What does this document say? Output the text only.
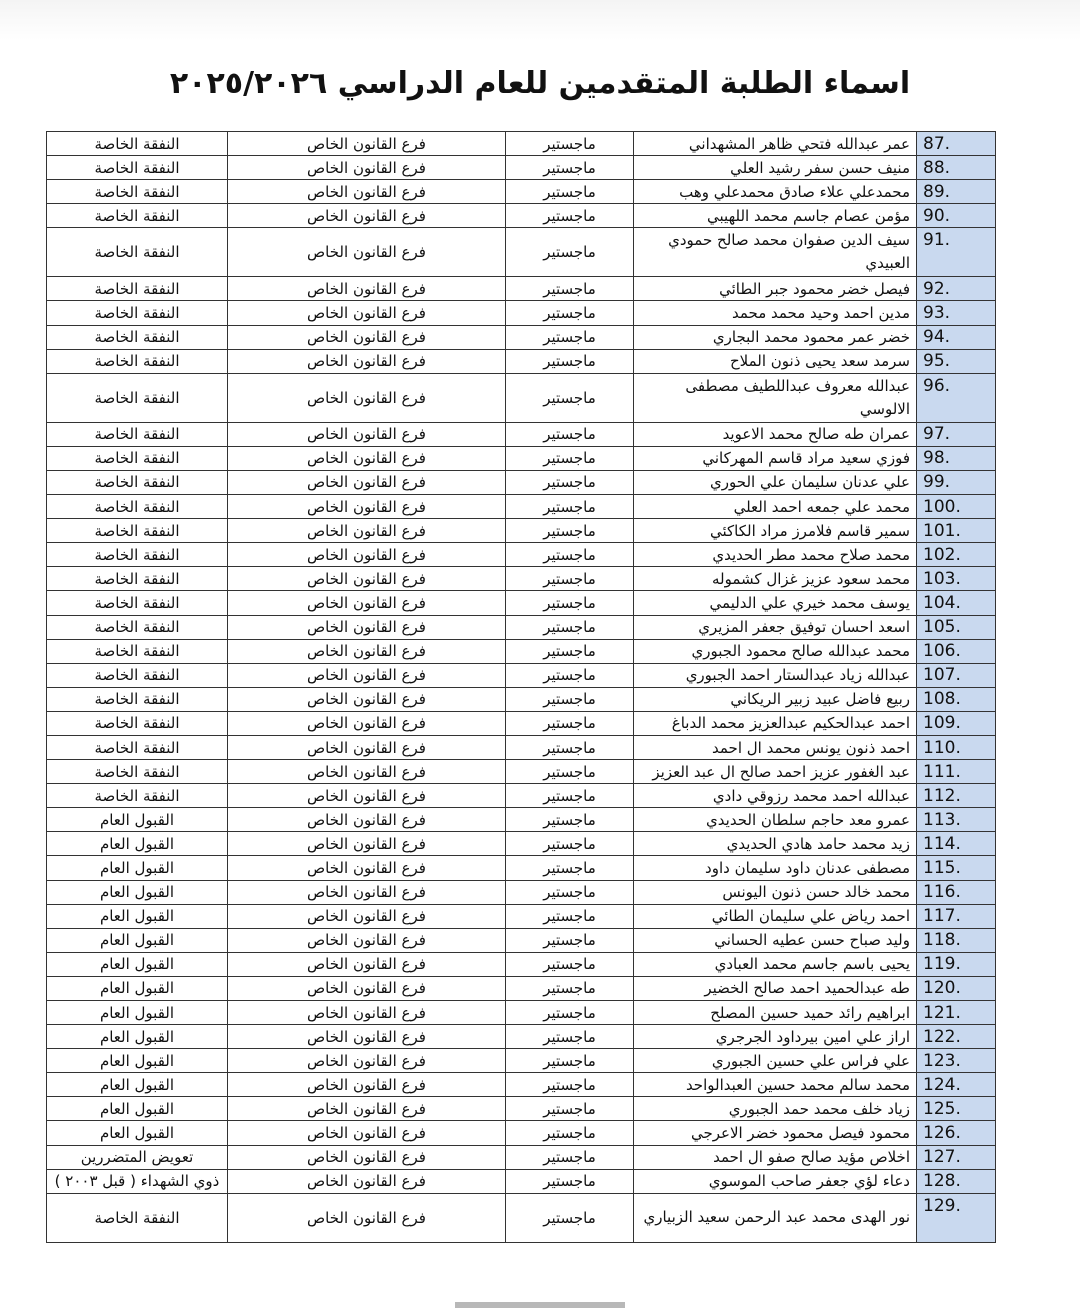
اسماء الطلبة المتقدمين للعام الدراسي ٢٠٢٥/٢٠٢٦
87.	عمر عبدالله فتحي ظاهر المشهداني	ماجستير	فرع القانون الخاص	النفقة الخاصة
88.	منيف حسن سفر رشيد العلي	ماجستير	فرع القانون الخاص	النفقة الخاصة
89.	محمدعلي علاء صادق محمدعلي وهب	ماجستير	فرع القانون الخاص	النفقة الخاصة
90.	مؤمن عصام جاسم محمد اللهيبي	ماجستير	فرع القانون الخاص	النفقة الخاصة
91.	سيف الدين صفوان محمد صالح حمودي العبيدي	ماجستير	فرع القانون الخاص	النفقة الخاصة
92.	فيصل خضر محمود جبر الطائي	ماجستير	فرع القانون الخاص	النفقة الخاصة
93.	مدين احمد وحيد محمد محمد	ماجستير	فرع القانون الخاص	النفقة الخاصة
94.	خضر عمر محمود محمد البجاري	ماجستير	فرع القانون الخاص	النفقة الخاصة
95.	سرمد سعد يحيى ذنون الملاح	ماجستير	فرع القانون الخاص	النفقة الخاصة
96.	عبدالله معروف عبداللطيف مصطفى الالوسي	ماجستير	فرع القانون الخاص	النفقة الخاصة
97.	عمران طه صالح محمد الاعويد	ماجستير	فرع القانون الخاص	النفقة الخاصة
98.	فوزي سعيد مراد قاسم المهركاني	ماجستير	فرع القانون الخاص	النفقة الخاصة
99.	علي عدنان سليمان علي الحوري	ماجستير	فرع القانون الخاص	النفقة الخاصة
100.	محمد علي جمعه احمد العلي	ماجستير	فرع القانون الخاص	النفقة الخاصة
101.	سمير قاسم فلامرز مراد الكاكئي	ماجستير	فرع القانون الخاص	النفقة الخاصة
102.	محمد صلاح محمد مطر الحديدي	ماجستير	فرع القانون الخاص	النفقة الخاصة
103.	محمد سعود عزيز غزال كشموله	ماجستير	فرع القانون الخاص	النفقة الخاصة
104.	يوسف محمد خيري علي الدليمي	ماجستير	فرع القانون الخاص	النفقة الخاصة
105.	اسعد احسان توفيق جعفر المزيري	ماجستير	فرع القانون الخاص	النفقة الخاصة
106.	محمد عبدالله صالح محمود الجبوري	ماجستير	فرع القانون الخاص	النفقة الخاصة
107.	عبدالله زياد عبدالستار احمد الجبوري	ماجستير	فرع القانون الخاص	النفقة الخاصة
108.	ربيع فاضل عبيد زبير الريكاني	ماجستير	فرع القانون الخاص	النفقة الخاصة
109.	احمد عبدالحكيم عبدالعزيز محمد الدباغ	ماجستير	فرع القانون الخاص	النفقة الخاصة
110.	احمد ذنون يونس محمد ال احمد	ماجستير	فرع القانون الخاص	النفقة الخاصة
111.	عبد الغفور عزيز احمد صالح ال عبد العزيز	ماجستير	فرع القانون الخاص	النفقة الخاصة
112.	عبدالله احمد محمد رزوقي دادي	ماجستير	فرع القانون الخاص	النفقة الخاصة
113.	عمرو معد حاجم سلطان الحديدي	ماجستير	فرع القانون الخاص	القبول العام
114.	زيد محمد حامد هادي الحديدي	ماجستير	فرع القانون الخاص	القبول العام
115.	مصطفى عدنان داود سليمان داود	ماجستير	فرع القانون الخاص	القبول العام
116.	محمد خالد حسن ذنون اليونس	ماجستير	فرع القانون الخاص	القبول العام
117.	احمد رياض علي سليمان الطائي	ماجستير	فرع القانون الخاص	القبول العام
118.	وليد صباح حسن عطيه الحساني	ماجستير	فرع القانون الخاص	القبول العام
119.	يحيى باسم جاسم محمد العبادي	ماجستير	فرع القانون الخاص	القبول العام
120.	طه عبدالحميد احمد صالح الخضير	ماجستير	فرع القانون الخاص	القبول العام
121.	ابراهيم رائد حميد حسين المصلح	ماجستير	فرع القانون الخاص	القبول العام
122.	اراز علي امين بيرداود الجرجري	ماجستير	فرع القانون الخاص	القبول العام
123.	علي فراس علي حسين الجبوري	ماجستير	فرع القانون الخاص	القبول العام
124.	محمد سالم محمد حسين العبدالواحد	ماجستير	فرع القانون الخاص	القبول العام
125.	زياد خلف محمد حمد الجبوري	ماجستير	فرع القانون الخاص	القبول العام
126.	محمود فيصل محمود خضر الاعرجي	ماجستير	فرع القانون الخاص	القبول العام
127.	اخلاص مؤيد صالح صفو ال احمد	ماجستير	فرع القانون الخاص	تعويض المتضررين
128.	دعاء لؤي جعفر صاحب الموسوي	ماجستير	فرع القانون الخاص	ذوي الشهداء ( قبل ٢٠٠٣ )
129.	نور الهدى محمد عبد الرحمن سعيد الزبياري	ماجستير	فرع القانون الخاص	النفقة الخاصة
